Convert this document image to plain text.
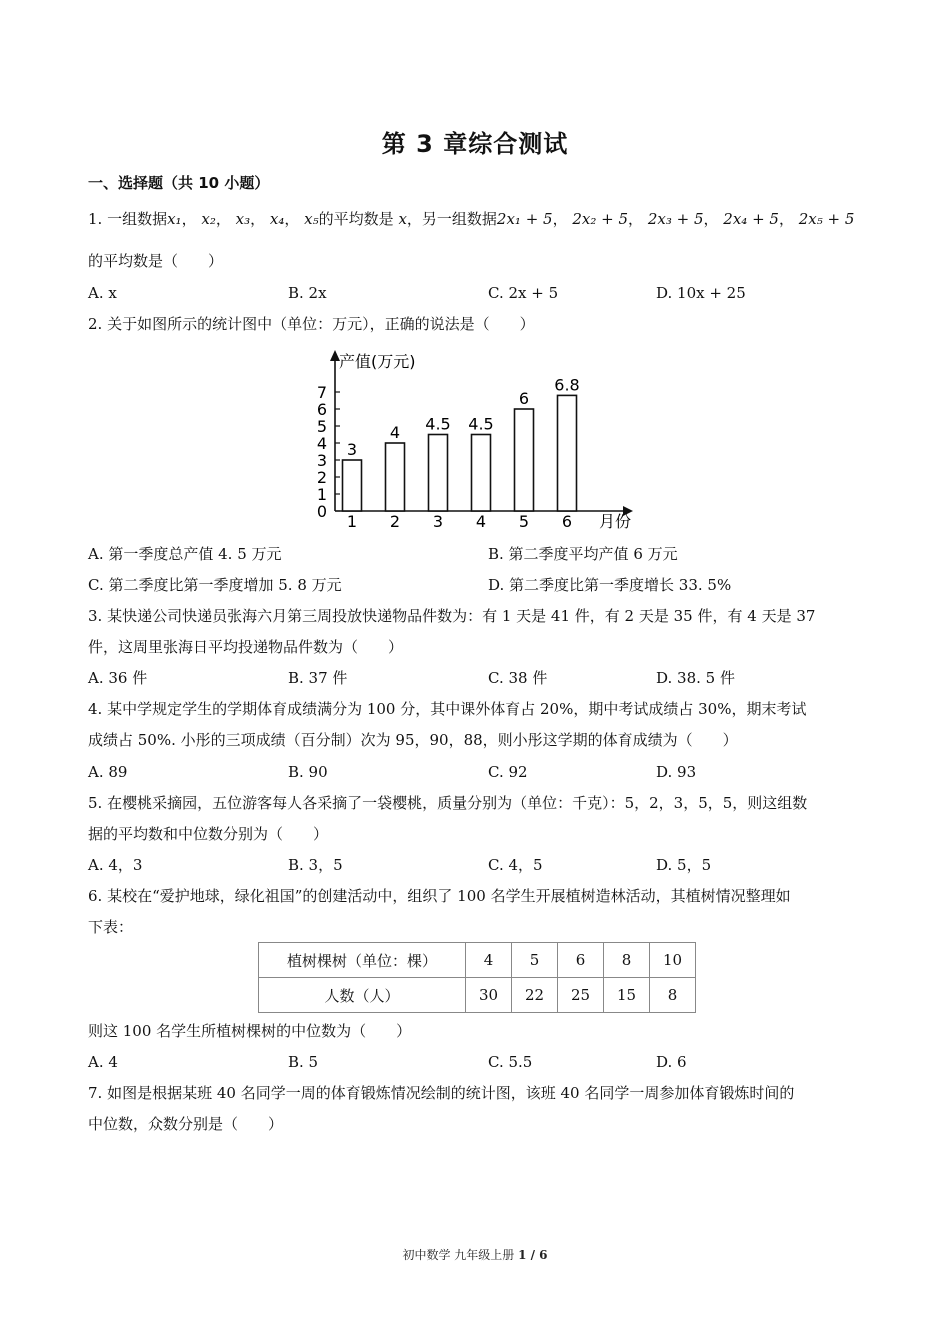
第 3 章综合测试
一、选择题（共 10 小题）
1. 一组数据x₁， x₂， x₃， x₄， x₅的平均数是 x，另一组数据2x₁ + 5， 2x₂ + 5， 2x₃ + 5， 2x₄ + 5， 2x₅ + 5
的平均数是（　　）
A. x	B. 2x	C. 2x + 5	D. 10x + 25
2. 关于如图所示的统计图中（单位：万元），正确的说法是（　　）
0
1
2
3
4
5
6
7
3
1
4
2
4.5
3
4.5
4
6
5
6.8
6
产值(万元)
月份
A. 第一季度总产值 4. 5 万元	B. 第二季度平均产值 6 万元
C. 第二季度比第一季度增加 5. 8 万元	D. 第二季度比第一季度增长 33. 5%
3. 某快递公司快递员张海六月第三周投放快递物品件数为：有 1 天是 41 件，有 2 天是 35 件，有 4 天是 37
件，这周里张海日平均投递物品件数为（　　）
A. 36 件	B. 37 件	C. 38 件	D. 38. 5 件
4. 某中学规定学生的学期体育成绩满分为 100 分，其中课外体育占 20%，期中考试成绩占 30%，期末考试
成绩占 50%. 小彤的三项成绩（百分制）次为 95，90，88，则小彤这学期的体育成绩为（　　）
A. 89	B. 90	C. 92	D. 93
5. 在樱桃采摘园，五位游客每人各采摘了一袋樱桃，质量分别为（单位：千克）：5，2，3，5，5，则这组数
据的平均数和中位数分别为（　　）
A. 4，3	B. 3，5	C. 4，5	D. 5，5
6. 某校在“爱护地球，绿化祖国”的创建活动中，组织了 100 名学生开展植树造林活动，其植树情况整理如
下表：
植树棵树（单位：棵）	4	5	6	8	10
人数（人）	30	22	25	15	8
则这 100 名学生所植树棵树的中位数为（　　）
A. 4	B. 5	C. 5.5	D. 6
7. 如图是根据某班 40 名同学一周的体育锻炼情况绘制的统计图，该班 40 名同学一周参加体育锻炼时间的
中位数，众数分别是（　　）
初中数学 九年级上册 1 / 6
